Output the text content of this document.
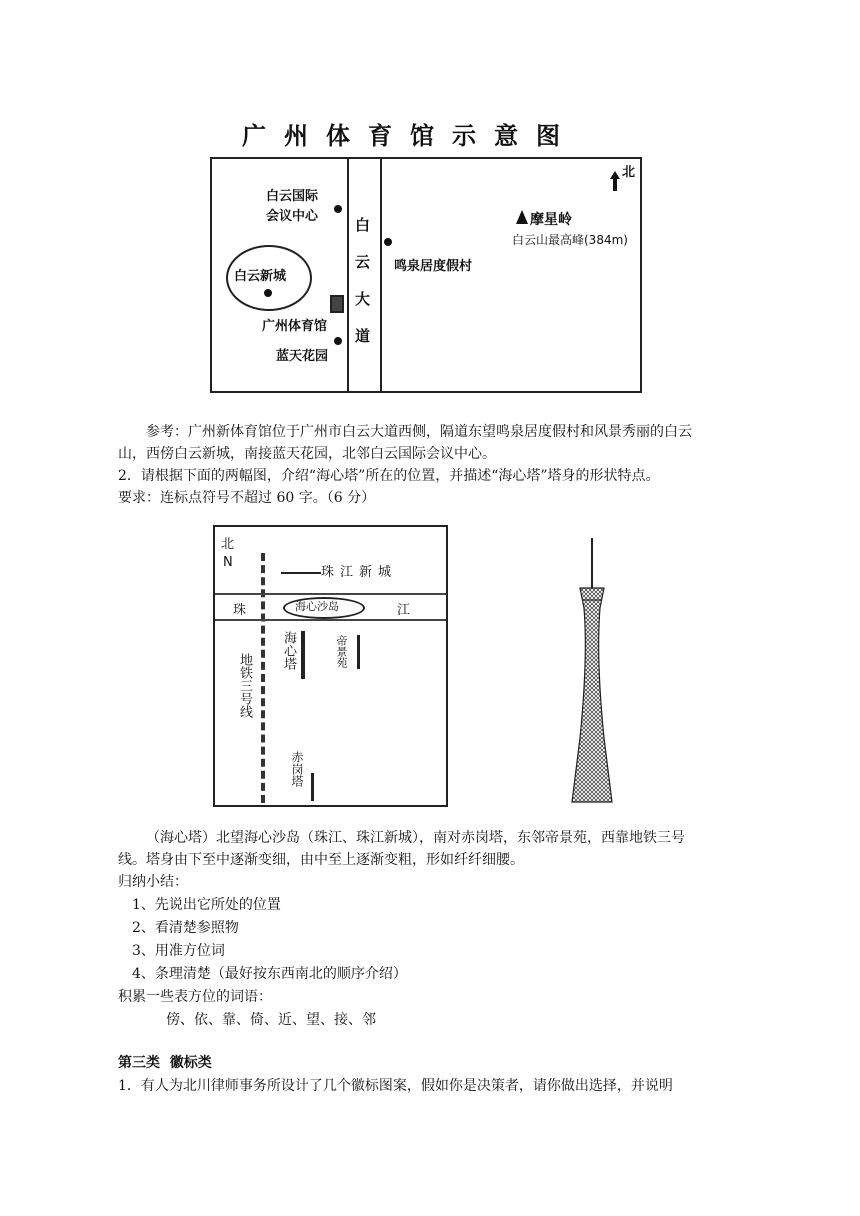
广州体育馆示意图
白云大道
北
白云国际
会议中心
白云新城
广州体育馆
蓝天花园
鸣泉居度假村
摩星岭
白云山最高峰(384m)
参考：广州新体育馆位于广州市白云大道西侧，隔道东望鸣泉居度假村和风景秀丽的白云
山，西傍白云新城，南接蓝天花园，北邻白云国际会议中心。
2．请根据下面的两幅图，介绍“海心塔”所在的位置，并描述“海心塔”塔身的形状特点。
要求：连标点符号不超过 60 字。（6 分）
北
N
珠江新城
珠	江
海心沙岛
海心塔	帝景苑
地铁三号线
赤岗塔
（海心塔）北望海心沙岛（珠江、珠江新城），南对赤岗塔，东邻帝景苑，西靠地铁三号
线。塔身由下至中逐渐变细，由中至上逐渐变粗，形如纤纤细腰。
归纳小结：
1、先说出它所处的位置
2、看清楚参照物
3、用准方位词
4、条理清楚（最好按东西南北的顺序介绍）
积累一些表方位的词语：
傍、依、靠、倚、近、望、接、邻
第三类  徽标类
1．有人为北川律师事务所设计了几个徽标图案，假如你是决策者，请你做出选择，并说明
